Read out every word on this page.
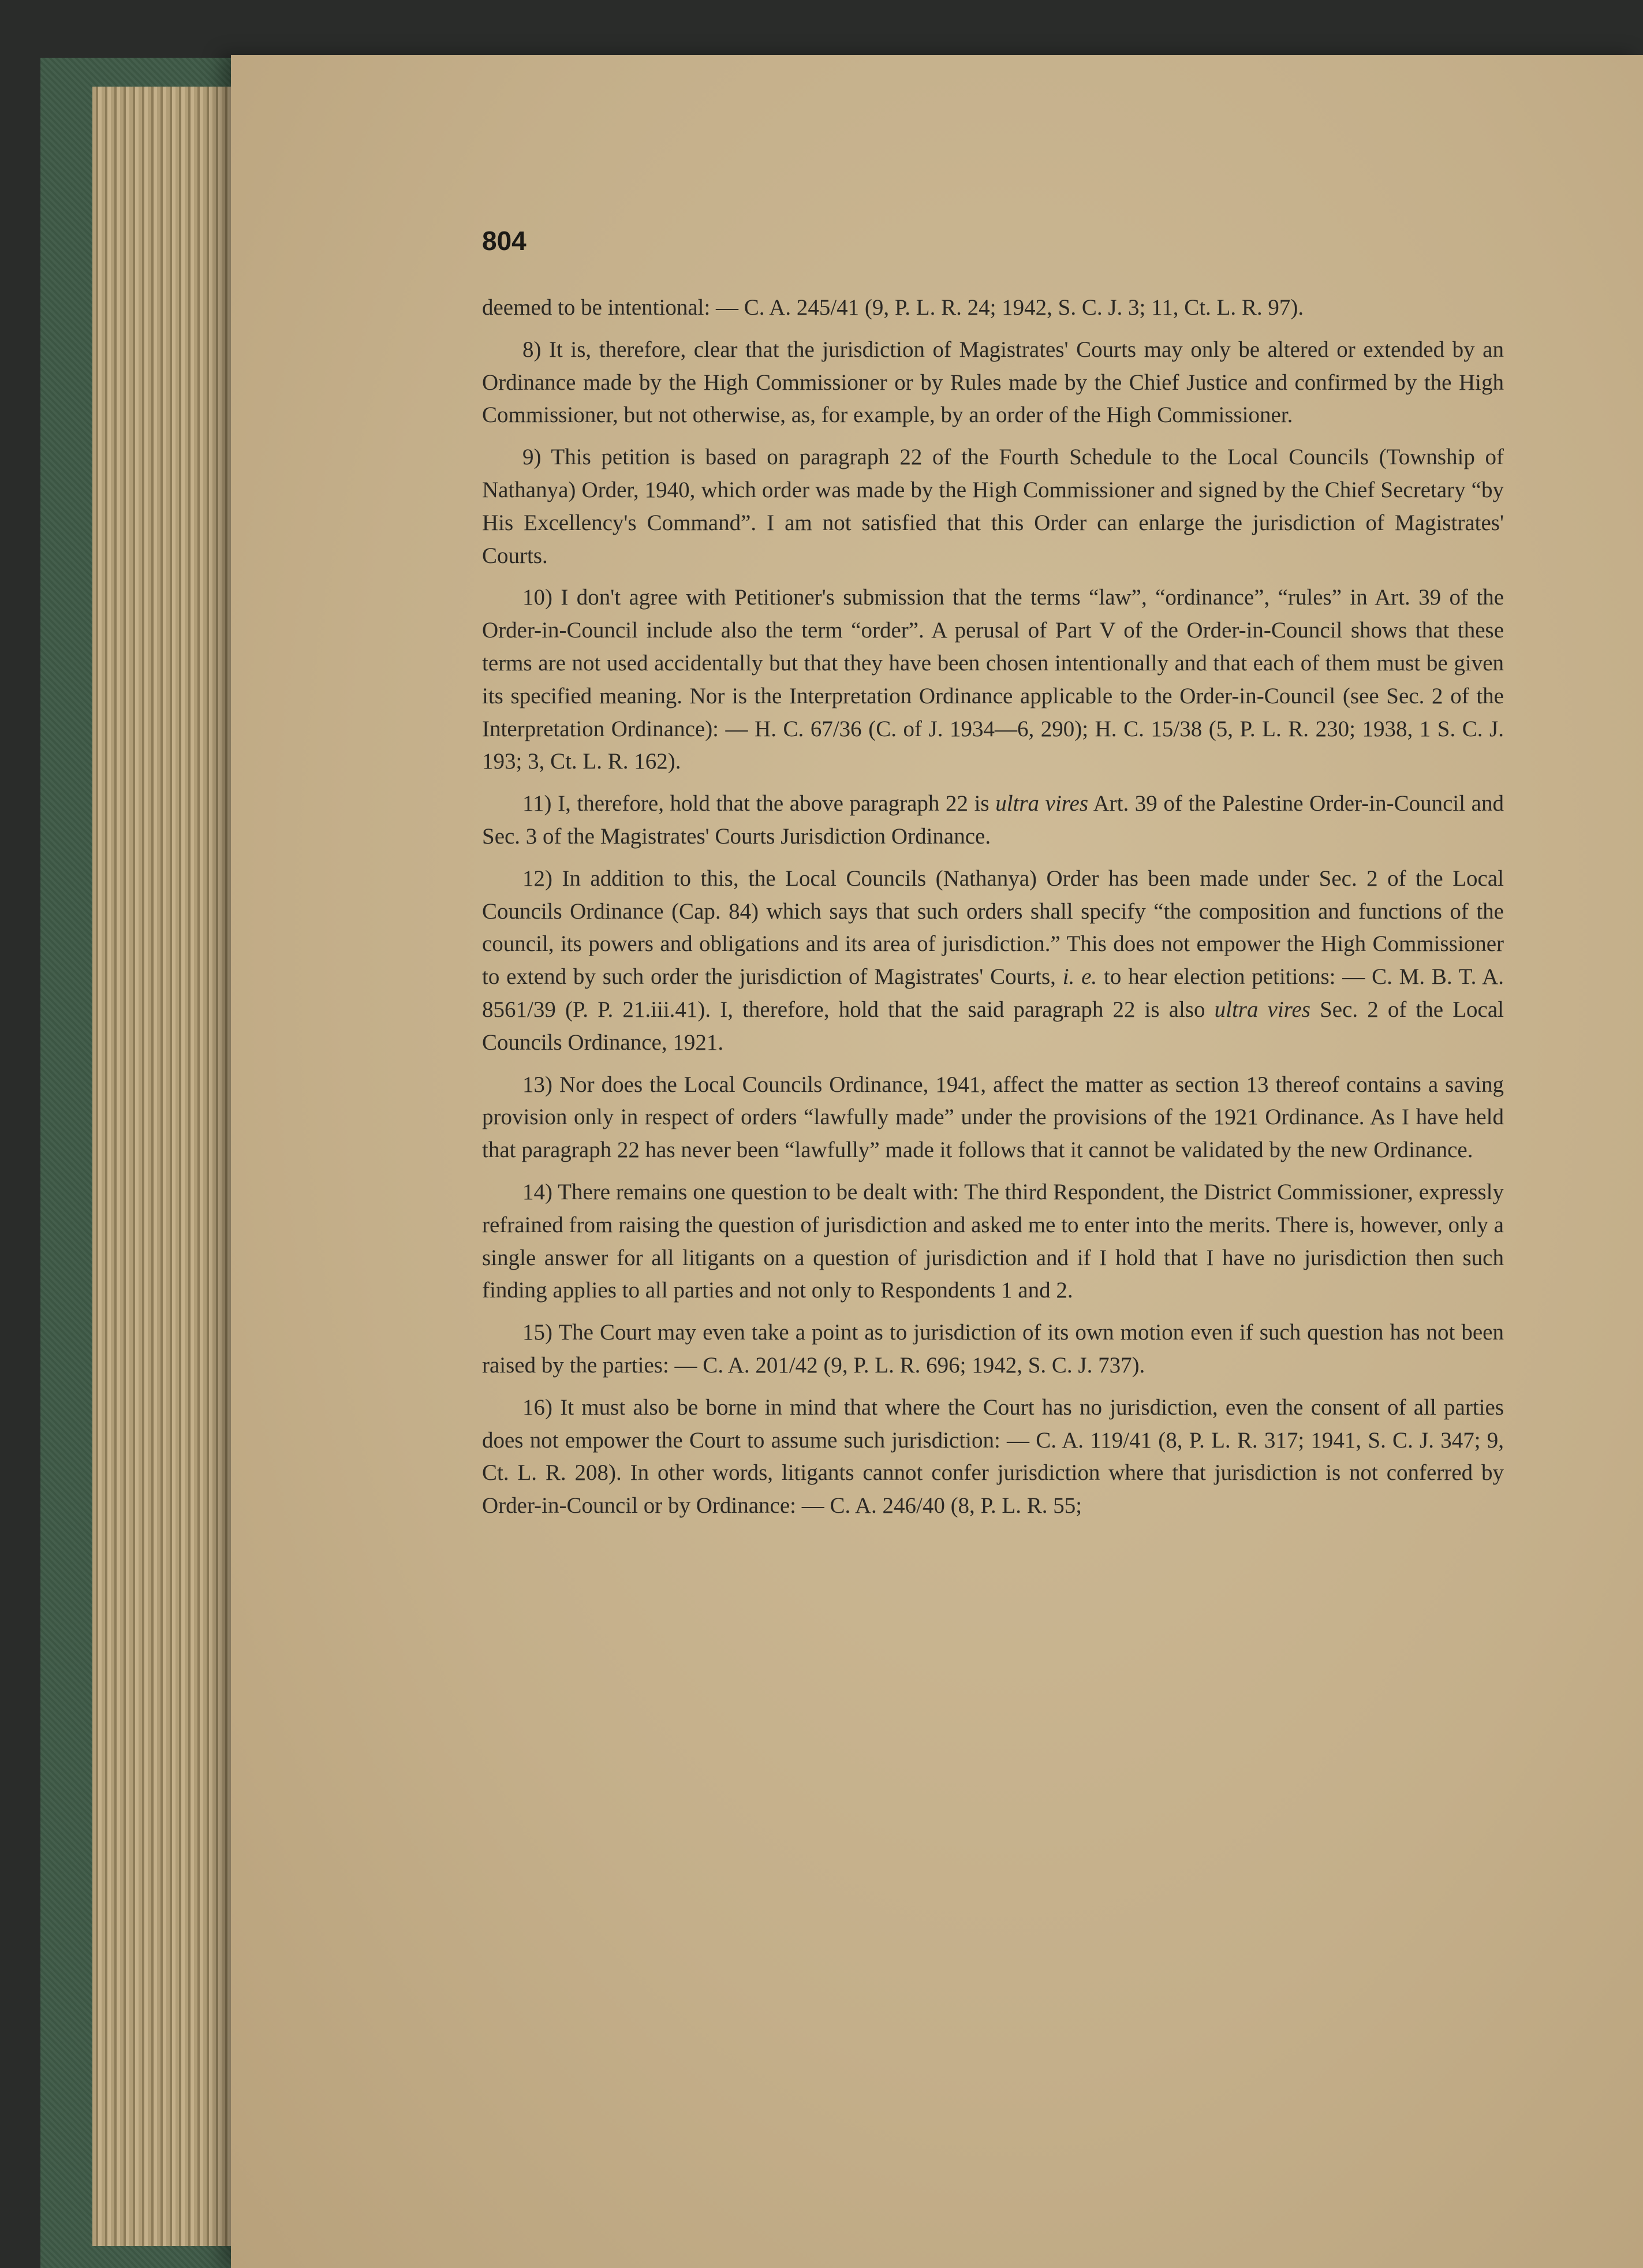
804

deemed to be intentional: — C. A. 245/41 (9, P. L. R. 24; 1942, S. C. J. 3; 11, Ct. L. R. 97).

8) It is, therefore, clear that the jurisdiction of Magistrates' Courts may only be altered or extended by an Ordinance made by the High Commissioner or by Rules made by the Chief Justice and confirmed by the High Commissioner, but not otherwise, as, for example, by an order of the High Commissioner.

9) This petition is based on paragraph 22 of the Fourth Schedule to the Local Councils (Township of Nathanya) Order, 1940, which order was made by the High Commissioner and signed by the Chief Secretary “by His Excellency's Command”. I am not satisfied that this Order can enlarge the jurisdiction of Magistrates' Courts.

10) I don't agree with Petitioner's submission that the terms “law”, “ordinance”, “rules” in Art. 39 of the Order-in-Council include also the term “order”. A perusal of Part V of the Order-in-Council shows that these terms are not used accidentally but that they have been chosen intentionally and that each of them must be given its specified meaning. Nor is the Interpretation Ordinance applicable to the Order-in-Council (see Sec. 2 of the Interpretation Ordinance): — H. C. 67/36 (C. of J. 1934—6, 290); H. C. 15/38 (5, P. L. R. 230; 1938, 1 S. C. J. 193; 3, Ct. L. R. 162).

11) I, therefore, hold that the above paragraph 22 is ultra vires Art. 39 of the Palestine Order-in-Council and Sec. 3 of the Magistrates' Courts Jurisdiction Ordinance.

12) In addition to this, the Local Councils (Nathanya) Order has been made under Sec. 2 of the Local Councils Ordinance (Cap. 84) which says that such orders shall specify “the composition and functions of the council, its powers and obligations and its area of jurisdiction.” This does not empower the High Commissioner to extend by such order the jurisdiction of Magistrates' Courts, i. e. to hear election petitions: — C. M. B. T. A. 8561/39 (P. P. 21.iii.41). I, therefore, hold that the said paragraph 22 is also ultra vires Sec. 2 of the Local Councils Ordinance, 1921.

13) Nor does the Local Councils Ordinance, 1941, affect the matter as section 13 thereof contains a saving provision only in respect of orders “lawfully made” under the provisions of the 1921 Ordinance. As I have held that paragraph 22 has never been “lawfully” made it follows that it cannot be validated by the new Ordinance.

14) There remains one question to be dealt with: The third Respondent, the District Commissioner, expressly refrained from raising the question of jurisdiction and asked me to enter into the merits. There is, however, only a single answer for all litigants on a question of jurisdiction and if I hold that I have no jurisdiction then such finding applies to all parties and not only to Respondents 1 and 2.

15) The Court may even take a point as to jurisdiction of its own motion even if such question has not been raised by the parties: — C. A. 201/42 (9, P. L. R. 696; 1942, S. C. J. 737).

16) It must also be borne in mind that where the Court has no jurisdiction, even the consent of all parties does not empower the Court to assume such jurisdiction: — C. A. 119/41 (8, P. L. R. 317; 1941, S. C. J. 347; 9, Ct. L. R. 208). In other words, litigants cannot confer jurisdiction where that jurisdiction is not conferred by Order-in-Council or by Ordinance: — C. A. 246/40 (8, P. L. R. 55;
